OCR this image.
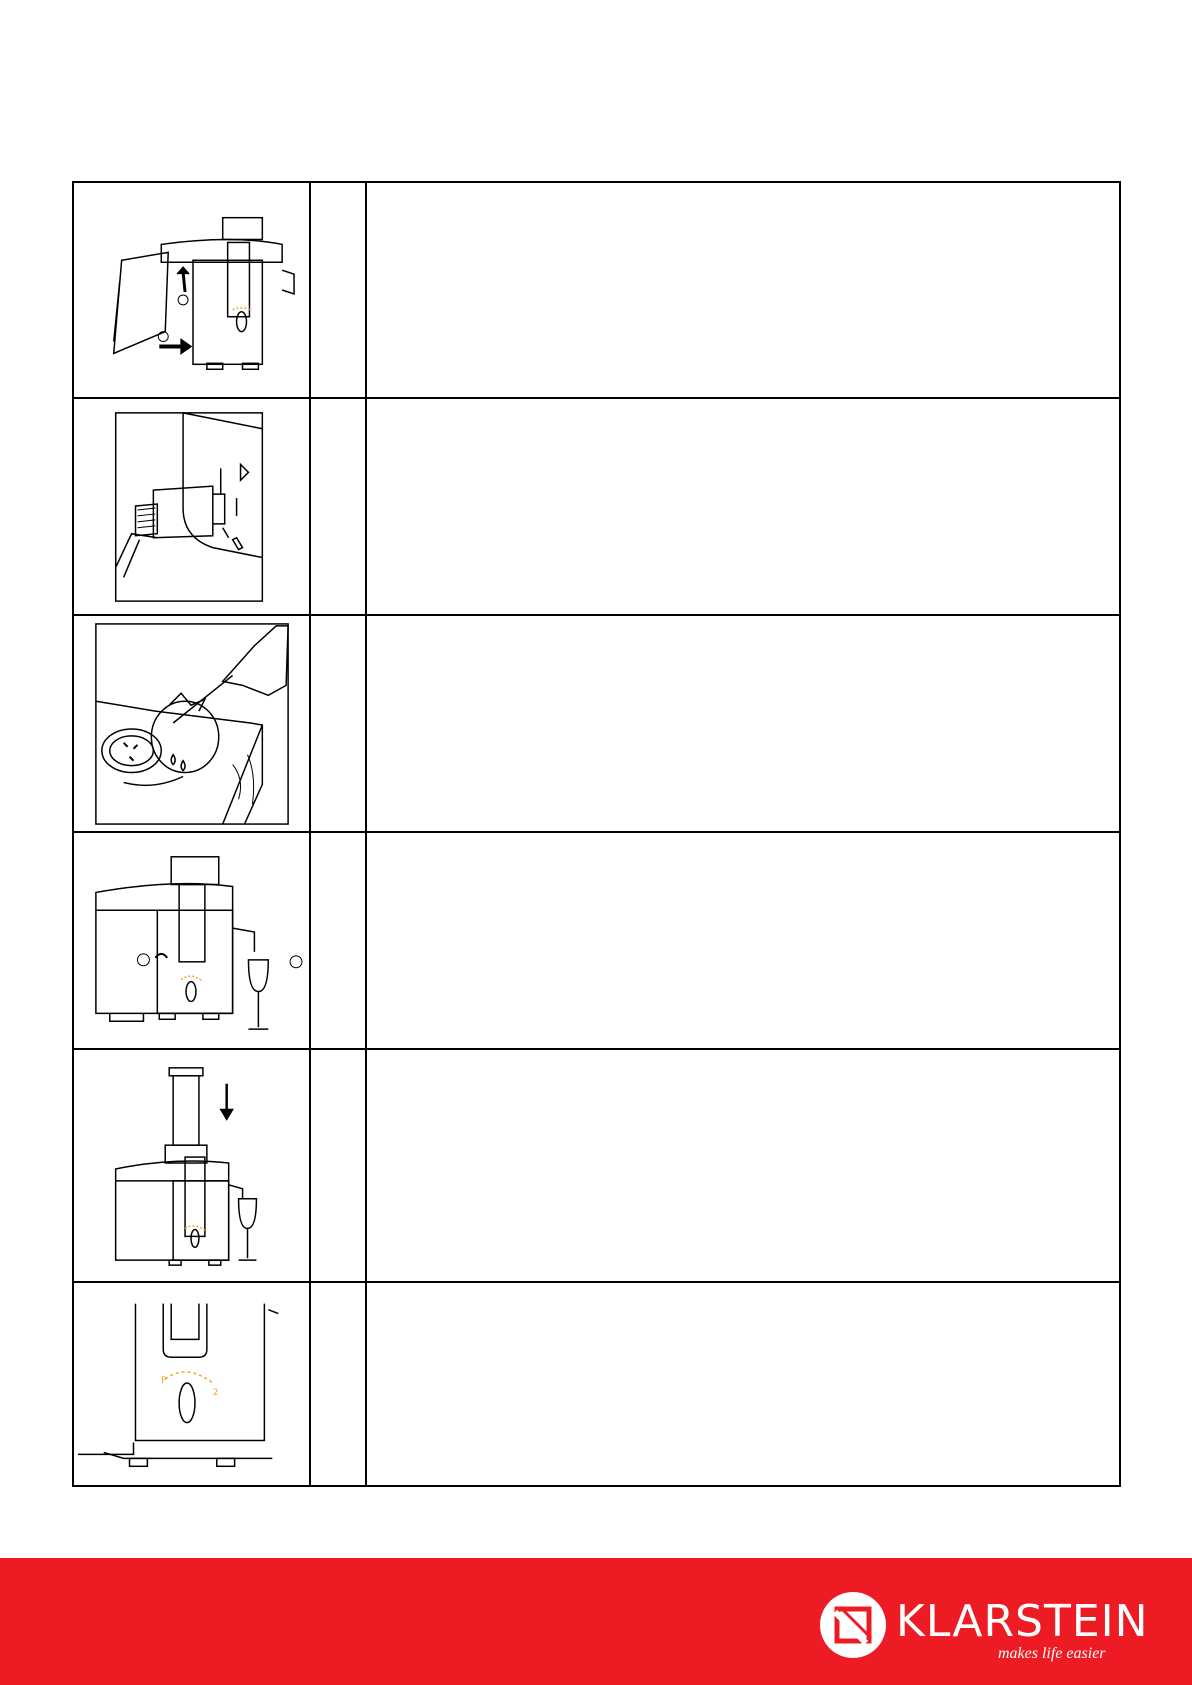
P
2
KLARSTEIN
makes life easier
